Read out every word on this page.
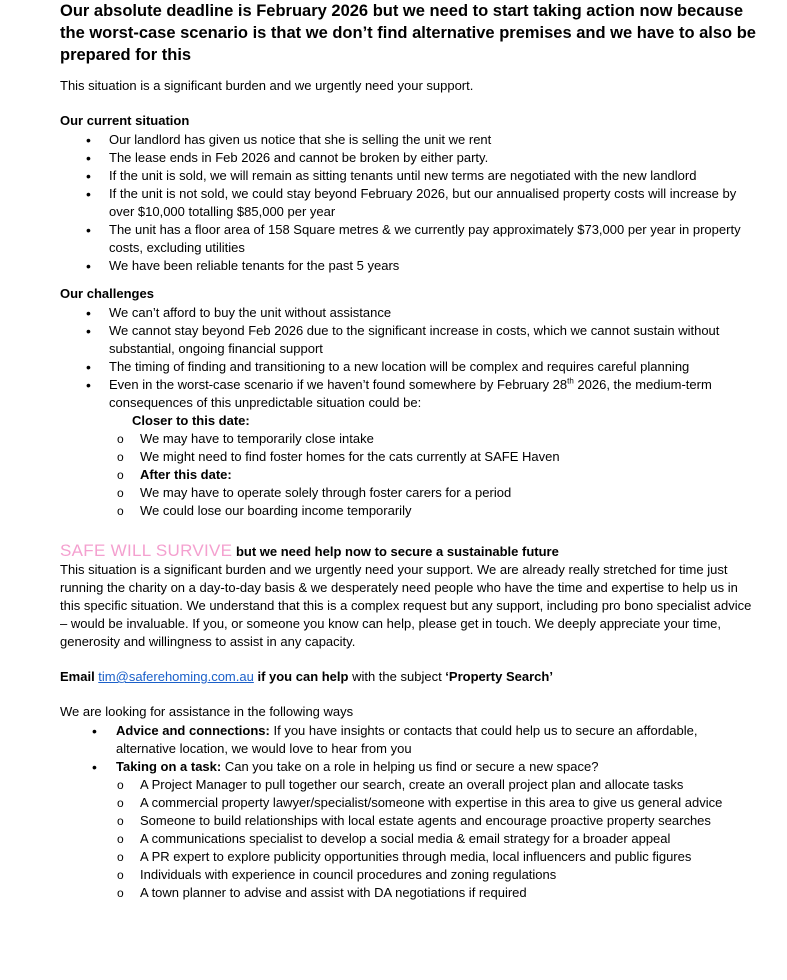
Our absolute deadline is February 2026 but we need to start taking action now because the worst-case scenario is that we don’t find alternative premises and we have to also be prepared for this

This situation is a significant burden and we urgently need your support.

Our current situation

• Our landlord has given us notice that she is selling the unit we rent
• The lease ends in Feb 2026 and cannot be broken by either party.
• If the unit is sold, we will remain as sitting tenants until new terms are negotiated with the new landlord
• If the unit is not sold, we could stay beyond February 2026, but our annualised property costs will increase by over $10,000 totalling $85,000 per year
• The unit has a floor area of 158 Square metres & we currently pay approximately $73,000 per year in property costs, excluding utilities
• We have been reliable tenants for the past 5 years

Our challenges

• We can’t afford to buy the unit without assistance
• We cannot stay beyond Feb 2026 due to the significant increase in costs, which we cannot sustain without substantial, ongoing financial support
• The timing of finding and transitioning to a new location will be complex and requires careful planning
• Even in the worst-case scenario if we haven’t found somewhere by February 28th 2026, the medium-term consequences of this unpredictable situation could be:

Closer to this date:

o We may have to temporarily close intake
o We might need to find foster homes for the cats currently at SAFE Haven
o After this date:
o We may have to operate solely through foster carers for a period
o We could lose our boarding income temporarily

SAFE WILL SURVIVE but we need help now to secure a sustainable future

This situation is a significant burden and we urgently need your support. We are already really stretched for time just running the charity on a day-to-day basis & we desperately need people who have the time and expertise to help us in this specific situation. We understand that this is a complex request but any support, including pro bono specialist advice – would be invaluable. If you, or someone you know can help, please get in touch. We deeply appreciate your time, generosity and willingness to assist in any capacity.

Email tim@saferehoming.com.au if you can help with the subject ‘Property Search’

We are looking for assistance in the following ways

• Advice and connections: If you have insights or contacts that could help us to secure an affordable, alternative location, we would love to hear from you
• Taking on a task: Can you take on a role in helping us find or secure a new space?
o A Project Manager to pull together our search, create an overall project plan and allocate tasks
o A commercial property lawyer/specialist/someone with expertise in this area to give us general advice
o Someone to build relationships with local estate agents and encourage proactive property searches
o A communications specialist to develop a social media & email strategy for a broader appeal
o A PR expert to explore publicity opportunities through media, local influencers and public figures
o Individuals with experience in council procedures and zoning regulations
o A town planner to advise and assist with DA negotiations if required
